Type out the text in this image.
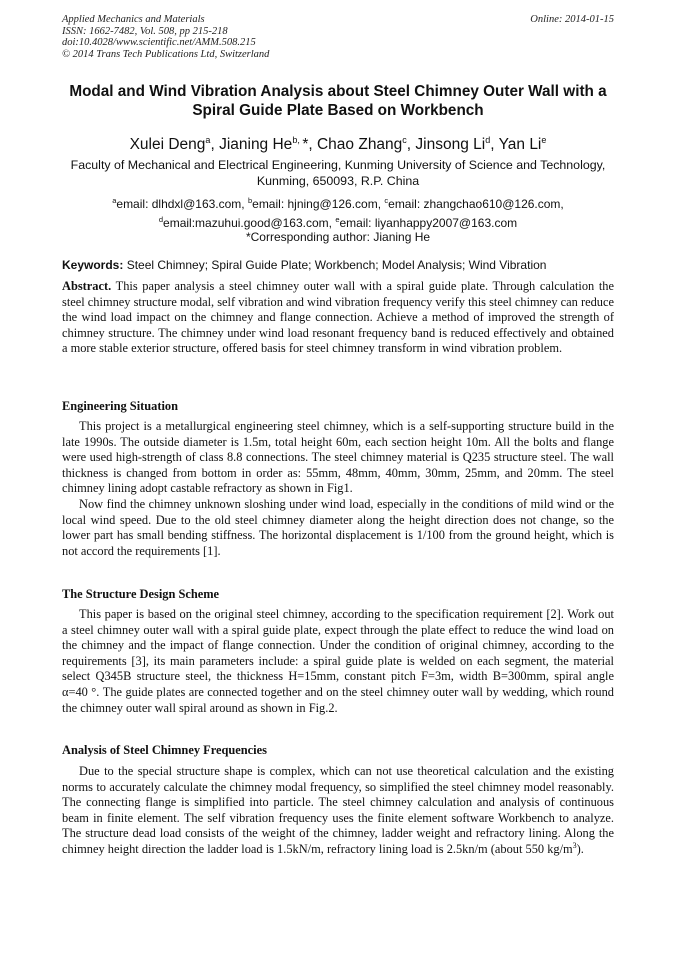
Applied Mechanics and Materials
ISSN: 1662-7482, Vol. 508, pp 215-218
doi:10.4028/www.scientific.net/AMM.508.215
© 2014 Trans Tech Publications Ltd, Switzerland
Online: 2014-01-15
Modal and Wind Vibration Analysis about Steel Chimney Outer Wall with a Spiral Guide Plate Based on Workbench
Xulei Deng$^a$, Jianing $He^{b,}$ *, Chao Zhang$^c$, Jinsong Li$^d$, Yan Li$^e$
Faculty of Mechanical and Electrical Engineering, Kunming University of Science and Technology,
Kunming, 650093, R.P. China
$^a$email: dlhdxl@163.com, $^b$email: hjning@126.com, $^c$email: zhangchao610@126.com,
$^d$email:mazuhui.good@163.com, $^e$email: liyanhappy2007@163.com
*Corresponding author: Jianing He
Keywords: Steel Chimney; Spiral Guide Plate; Workbench; Model Analysis; Wind Vibration

Abstract. This paper analysis a steel chimney outer wall with a spiral guide plate. Through calculation the steel chimney structure modal, self vibration and wind vibration frequency verify this steel chimney can reduce the wind load impact on the chimney and flange connection. Achieve a method of improved the strength of chimney structure. The chimney under wind load resonant frequency band is reduced effectively and obtained a more stable exterior structure, offered basis for steel chimney transform in wind vibration problem.

Engineering Situation

This project is a metallurgical engineering steel chimney, which is a self-supporting structure build in the late 1990s. The outside diameter is 1.5m, total height 60m, each section height 10m. All the bolts and flange were used high-strength of class 8.8 connections. The steel chimney material is Q235 structure steel. The wall thickness is changed from bottom in order as: 55mm, 48mm, 40mm, 30mm, 25mm, and 20mm. The steel chimney lining adopt castable refractory as shown in Fig1.

Now find the chimney unknown sloshing under wind load, especially in the conditions of mild wind or the local wind speed. Due to the old steel chimney diameter along the height direction does not change, so the lower part has small bending stiffness. The horizontal displacement is 1/100 from the ground height, which is not accord the requirements [1].

The Structure Design Scheme

This paper is based on the original steel chimney, according to the specification requirement [2]. Work out a steel chimney outer wall with a spiral guide plate, expect through the plate effect to reduce the wind load on the chimney and the impact of flange connection. Under the condition of original chimney, according to the requirements [3], its main parameters include: a spiral guide plate is welded on each segment, the material select Q345B structure steel, the thickness H=15mm, constant pitch F=3m, width B=300mm, spiral angle α=40 °. The guide plates are connected together and on the steel chimney outer wall by wedding, which round the chimney outer wall spiral around as shown in Fig.2.

Analysis of Steel Chimney Frequencies

Due to the special structure shape is complex, which can not use theoretical calculation and the existing norms to accurately calculate the chimney modal frequency, so simplified the steel chimney model reasonably. The connecting flange is simplified into particle. The steel chimney calculation and analysis of continuous beam in finite element. The self vibration frequency uses the finite element software Workbench to analyze. The structure dead load consists of the weight of the chimney, ladder weight and refractory lining. Along the chimney height direction the ladder load is 1.5kN/m, refractory lining load is 2.5kn/m (about 550 $kg/m^3$).
